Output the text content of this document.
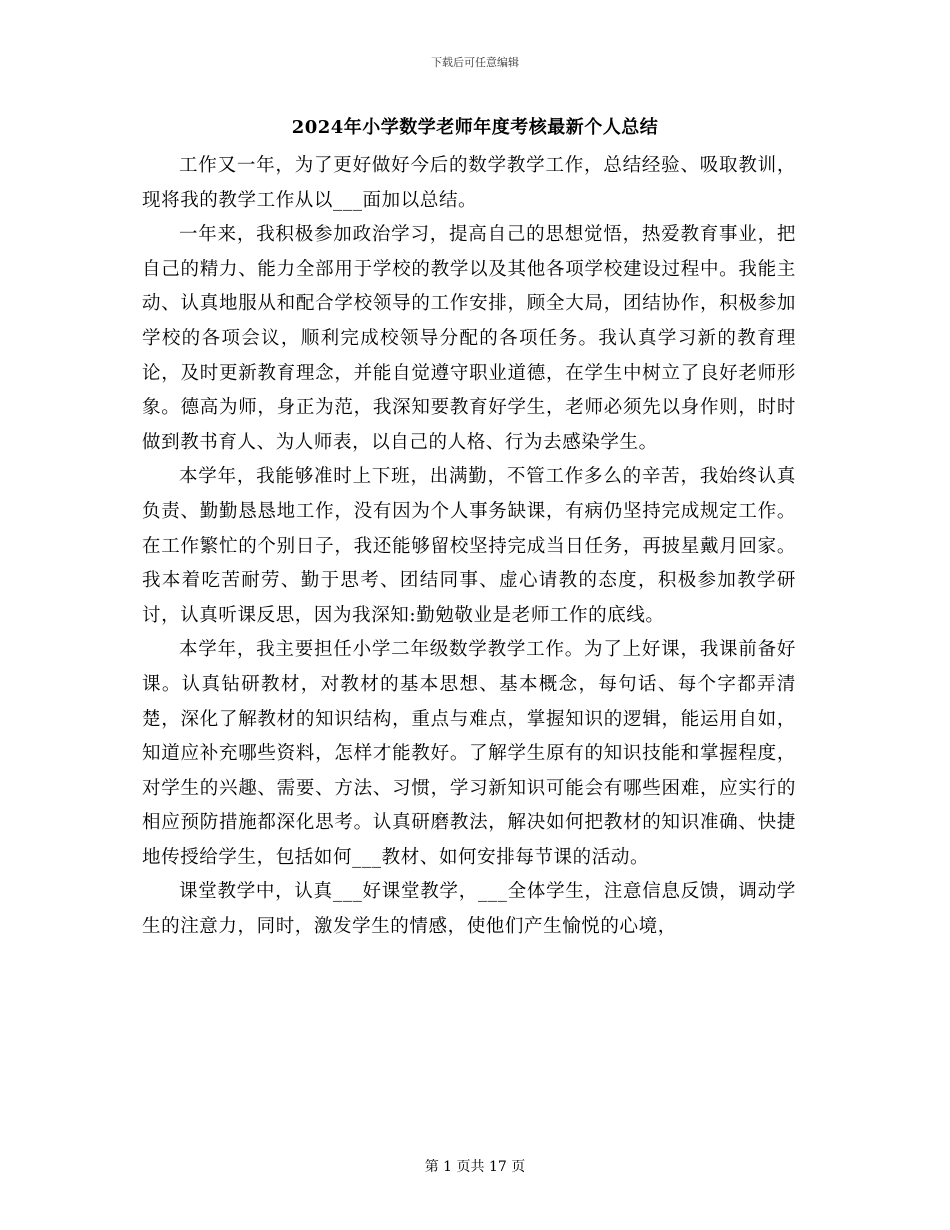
下载后可任意编辑
2024年小学数学老师年度考核最新个人总结

工作又一年，为了更好做好今后的数学教学工作，总结经验、吸取教训，现将我的教学工作从以___面加以总结。

一年来，我积极参加政治学习，提高自己的思想觉悟，热爱教育事业，把自己的精力、能力全部用于学校的教学以及其他各项学校建设过程中。我能主动、认真地服从和配合学校领导的工作安排，顾全大局，团结协作，积极参加学校的各项会议，顺利完成校领导分配的各项任务。我认真学习新的教育理论，及时更新教育理念，并能自觉遵守职业道德，在学生中树立了良好老师形象。德高为师，身正为范，我深知要教育好学生，老师必须先以身作则，时时做到教书育人、为人师表，以自己的人格、行为去感染学生。

本学年，我能够准时上下班，出满勤，不管工作多么的辛苦，我始终认真负责、勤勤恳恳地工作，没有因为个人事务缺课，有病仍坚持完成规定工作。在工作繁忙的个别日子，我还能够留校坚持完成当日任务，再披星戴月回家。我本着吃苦耐劳、勤于思考、团结同事、虚心请教的态度，积极参加教学研讨，认真听课反思，因为我深知:勤勉敬业是老师工作的底线。

本学年，我主要担任小学二年级数学教学工作。为了上好课，我课前备好课。认真钻研教材，对教材的基本思想、基本概念，每句话、每个字都弄清楚，深化了解教材的知识结构，重点与难点，掌握知识的逻辑，能运用自如，知道应补充哪些资料，怎样才能教好。了解学生原有的知识技能和掌握程度，对学生的兴趣、需要、方法、习惯，学习新知识可能会有哪些困难，应实行的相应预防措施都深化思考。认真研磨教法，解决如何把教材的知识准确、快捷地传授给学生，包括如何___教材、如何安排每节课的活动。

课堂教学中，认真___好课堂教学，___全体学生，注意信息反馈，调动学生的注意力，同时，激发学生的情感，使他们产生愉悦的心境，

第 1 页共 17 页
